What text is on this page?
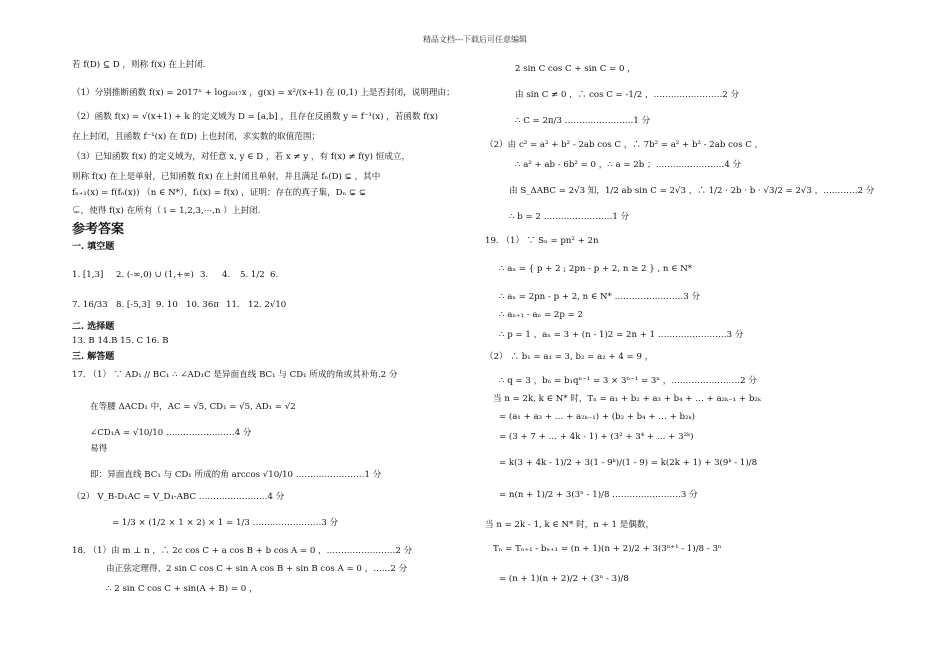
精品文档---下载后可任意编辑
若 f(D) ⊆ D ，则称 f(x) 在上封闭.
（1）分别推断函数 f(x) = 2017ˣ + log₂₀₁₇x ，g(x) = x²/(x+1) 在 (0,1) 上是否封闭，说明理由；
（2）函数 f(x) = √(x+1) + k 的定义域为 D = [a,b] ，且存在反函数 y = f⁻¹(x) ，若函数 f(x)
在上封闭，且函数 f⁻¹(x) 在 f(D) 上也封闭，求实数的取值范围；
（3）已知函数 f(x) 的定义域为，对任意 x, y ∈ D ，若 x ≠ y ，有 f(x) ≠ f(y) 恒成立，
则称 f(x) 在上是单射，已知函数 f(x) 在上封闭且单射，并且满足 fₙ(D) ⊊ ，其中
fₙ₊₁(x) = f(fₙ(x)) （n ∈ N*），f₁(x) = f(x) ，证明：存在的真子集，Dₙ ⊊ ⊊
⊊，使得 f(x) 在所有（ i = 1,2,3,⋯,n ）上封闭.
参考答案
一. 填空题
1. [1,3] 2. (-∞,0) ∪ (1,+∞) 3. 4. 5. 1/2 6.
7. 16/33 8. [-5,3] 9. 10 10. 36π 11. 12. 2√10
二. 选择题
13. B 14.B 15. C 16. B
三. 解答题
17. （1） ∵ AD₁ // BC₁ ∴ ∠AD₁C 是异面直线 BC₁ 与 CD₁ 所成的角或其补角.2 分
在等腰 ΔACD₁ 中，AC = √5, CD₁ = √5, AD₁ = √2
∠CD₁A = √10/10 ……………………4 分
易得
即：异面直线 BC₁ 与 CD₁ 所成的角 arccos √10/10 ……………………1 分
（2） V_B-D₁AC = V_D₁-ABC ……………………4 分
= 1/3 × (1/2 × 1 × 2) × 1 = 1/3 ……………………3 分
18. （1）由 m ⊥ n ，∴ 2c cos C + a cos B + b cos A = 0 ，……………………2 分
由正弦定理得，2 sin C cos C + sin A cos B + sin B cos A = 0 ，……2 分
∴ 2 sin C cos C + sin(A + B) = 0 ，
2 sin C cos C + sin C = 0 ，
由 sin C ≠ 0 ，∴ cos C = -1/2 ，……………………2 分
∴ C = 2π/3 ……………………1 分
（2）由 c² = a² + b² - 2ab cos C ，∴ 7b² = a² + b² - 2ab cos C ，
∴ a² + ab - 6b² = 0 ，∴ a = 2b ；……………………4 分
由 S_ΔABC = 2√3 知，1/2 ab sin C = 2√3 ，∴ 1/2 · 2b · b · √3/2 = 2√3 ，…………2 分
∴ b = 2 ……………………1 分
19. （1） ∵ Sₙ = pn² + 2n
∴ aₙ = { p + 2 ; 2pn - p + 2, n ≥ 2 } , n ∈ N*
∴ aₙ = 2pn - p + 2, n ∈ N* ……………………3 分
∴ aₙ₊₁ - aₙ = 2p = 2
∴ p = 1 ，aₙ = 3 + (n - 1)2 = 2n + 1 ……………………3 分
（2） ∴ b₁ = a₁ = 3, b₂ = a₂ + 4 = 9 ，
∴ q = 3 ，bₙ = b₁qⁿ⁻¹ = 3 × 3ⁿ⁻¹ = 3ⁿ ，……………………2 分
当 n = 2k, k ∈ N* 时，Tₙ = a₁ + b₂ + a₃ + b₄ + … + a₂ₖ₋₁ + b₂ₖ
= (a₁ + a₃ + … + a₂ₖ₋₁) + (b₂ + b₄ + … + b₂ₖ)
= (3 + 7 + … + 4k - 1) + (3² + 3⁴ + … + 3²ᵏ)
= k(3 + 4k - 1)/2 + 3(1 - 9ᵏ)/(1 - 9) = k(2k + 1) + 3(9ᵏ - 1)/8
= n(n + 1)/2 + 3(3ⁿ - 1)/8 ……………………3 分
当 n = 2k - 1, k ∈ N* 时，n + 1 是偶数，
Tₙ = Tₙ₊₁ - bₙ₊₁ = (n + 1)(n + 2)/2 + 3(3ⁿ⁺¹ - 1)/8 - 3ⁿ
= (n + 1)(n + 2)/2 + (3ⁿ - 3)/8
